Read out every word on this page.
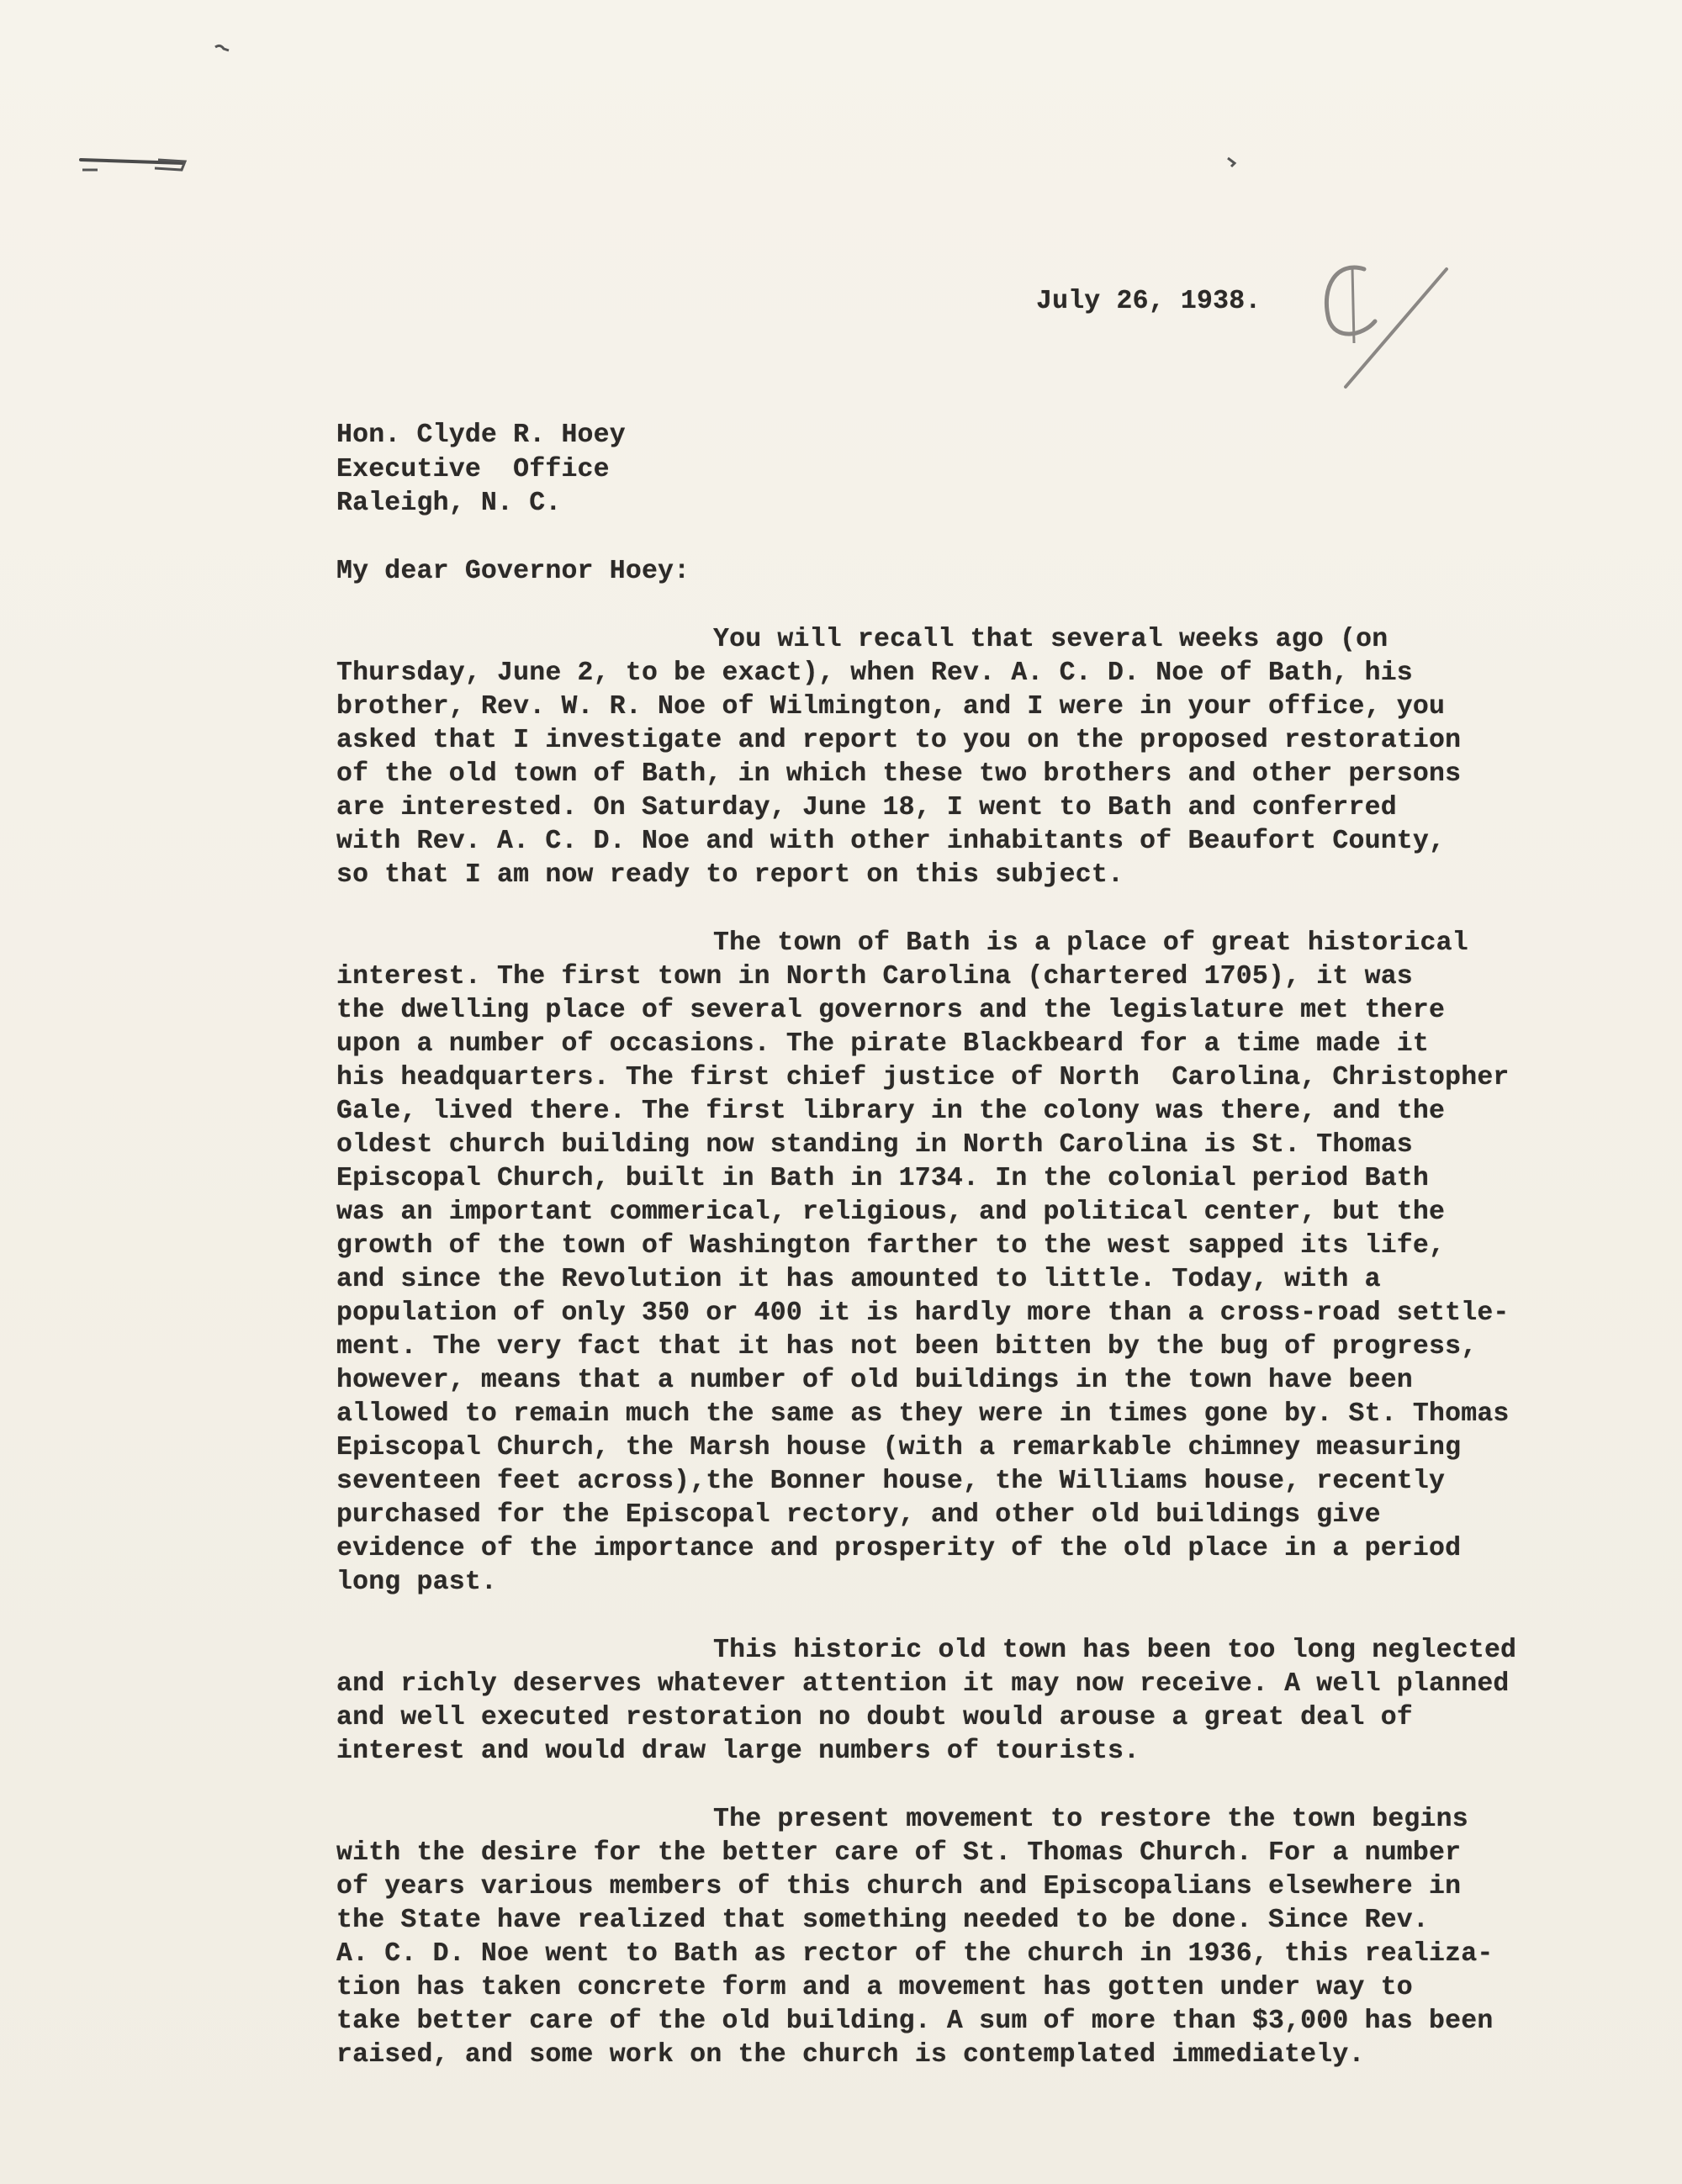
July 26, 1938.
Hon. Clyde R. Hoey
Executive  Office
Raleigh, N. C.
My dear Governor Hoey:
You will recall that several weeks ago (on
Thursday, June 2, to be exact), when Rev. A. C. D. Noe of Bath, his
brother, Rev. W. R. Noe of Wilmington, and I were in your office, you
asked that I investigate and report to you on the proposed restoration
of the old town of Bath, in which these two brothers and other persons
are interested. On Saturday, June 18, I went to Bath and conferred
with Rev. A. C. D. Noe and with other inhabitants of Beaufort County,
so that I am now ready to report on this subject.
The town of Bath is a place of great historical
interest. The first town in North Carolina (chartered 1705), it was
the dwelling place of several governors and the legislature met there
upon a number of occasions. The pirate Blackbeard for a time made it
his headquarters. The first chief justice of North  Carolina, Christopher
Gale, lived there. The first library in the colony was there, and the
oldest church building now standing in North Carolina is St. Thomas
Episcopal Church, built in Bath in 1734. In the colonial period Bath
was an important commerical, religious, and political center, but the
growth of the town of Washington farther to the west sapped its life,
and since the Revolution it has amounted to little. Today, with a
population of only 350 or 400 it is hardly more than a cross-road settle-
ment. The very fact that it has not been bitten by the bug of progress,
however, means that a number of old buildings in the town have been
allowed to remain much the same as they were in times gone by. St. Thomas
Episcopal Church, the Marsh house (with a remarkable chimney measuring
seventeen feet across),the Bonner house, the Williams house, recently
purchased for the Episcopal rectory, and other old buildings give
evidence of the importance and prosperity of the old place in a period
long past.
This historic old town has been too long neglected
and richly deserves whatever attention it may now receive. A well planned
and well executed restoration no doubt would arouse a great deal of
interest and would draw large numbers of tourists.
The present movement to restore the town begins
with the desire for the better care of St. Thomas Church. For a number
of years various members of this church and Episcopalians elsewhere in
the State have realized that something needed to be done. Since Rev.
A. C. D. Noe went to Bath as rector of the church in 1936, this realiza-
tion has taken concrete form and a movement has gotten under way to
take better care of the old building. A sum of more than $3,000 has been
raised, and some work on the church is contemplated immediately.
